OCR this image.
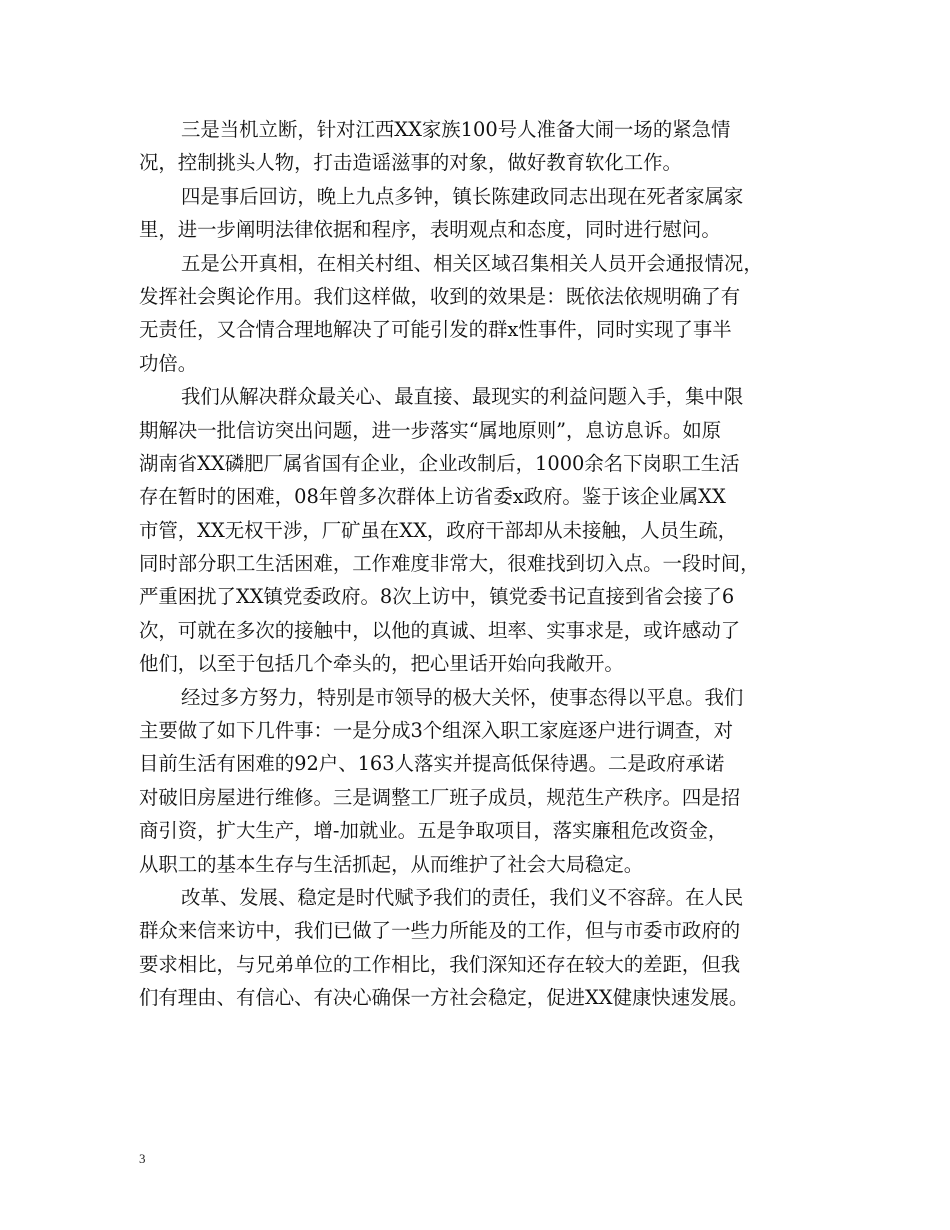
三是当机立断，针对江西XX家族100号人准备大闹一场的紧急情
况，控制挑头人物，打击造谣滋事的对象，做好教育软化工作。
四是事后回访，晚上九点多钟，镇长陈建政同志出现在死者家属家
里，进一步阐明法律依据和程序，表明观点和态度，同时进行慰问。
五是公开真相，在相关村组、相关区域召集相关人员开会通报情况，
发挥社会舆论作用。我们这样做，收到的效果是：既依法依规明确了有
无责任，又合情合理地解决了可能引发的群x性事件，同时实现了事半
功倍。
我们从解决群众最关心、最直接、最现实的利益问题入手，集中限
期解决一批信访突出问题，进一步落实“属地原则”，息访息诉。如原
湖南省XX磷肥厂属省国有企业，企业改制后，1000余名下岗职工生活
存在暂时的困难，08年曾多次群体上访省委x政府。鉴于该企业属XX
市管，XX无权干涉，厂矿虽在XX，政府干部却从未接触，人员生疏，
同时部分职工生活困难，工作难度非常大，很难找到切入点。一段时间，
严重困扰了XX镇党委政府。8次上访中，镇党委书记直接到省会接了6
次，可就在多次的接触中，以他的真诚、坦率、实事求是，或许感动了
他们，以至于包括几个牵头的，把心里话开始向我敞开。
经过多方努力，特别是市领导的极大关怀，使事态得以平息。我们
主要做了如下几件事：一是分成3个组深入职工家庭逐户进行调查，对
目前生活有困难的92户、163人落实并提高低保待遇。二是政府承诺
对破旧房屋进行维修。三是调整工厂班子成员，规范生产秩序。四是招
商引资，扩大生产，增-加就业。五是争取项目，落实廉租危改资金，
从职工的基本生存与生活抓起，从而维护了社会大局稳定。
改革、发展、稳定是时代赋予我们的责任，我们义不容辞。在人民
群众来信来访中，我们已做了一些力所能及的工作，但与市委市政府的
要求相比，与兄弟单位的工作相比，我们深知还存在较大的差距，但我
们有理由、有信心、有决心确保一方社会稳定，促进XX健康快速发展。
3
